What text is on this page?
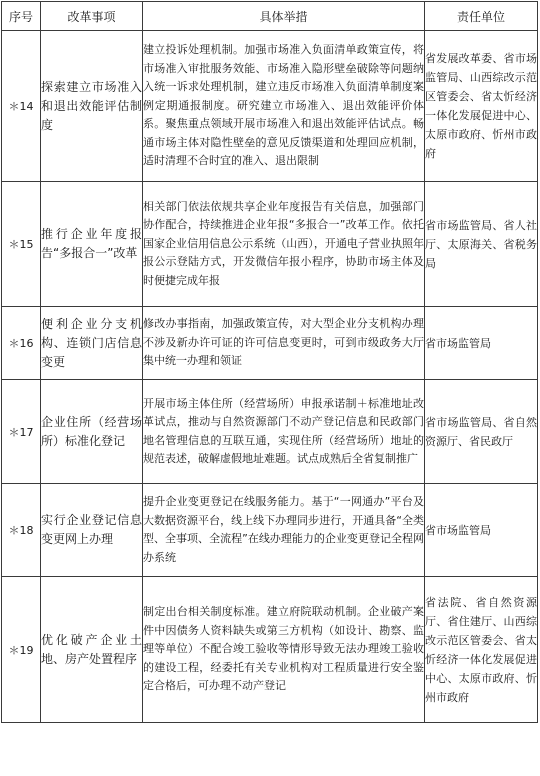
序号	改革事项	具体举措	责任单位
＊14	探索建立市场准入和退出效能评估制度	建立投诉处理机制。加强市场准入负面清单政策宣传，将市场准入审批服务效能、市场准入隐形壁垒破除等问题纳入统一诉求处理机制，建立违反市场准入负面清单制度案例定期通报制度。研究建立市场准入、退出效能评价体系。聚焦重点领域开展市场准入和退出效能评估试点。畅通市场主体对隐性壁垒的意见反馈渠道和处理回应机制，适时清理不合时宜的准入、退出限制	省发展改革委、省市场监管局、山西综改示范区管委会、省太忻经济一体化发展促进中心、太原市政府、忻州市政府
＊15	推行企业年度报告“多报合一”改革	相关部门依法依规共享企业年度报告有关信息，加强部门协作配合，持续推进企业年报“多报合一”改革工作。依托国家企业信用信息公示系统（山西），开通电子营业执照年报公示登陆方式，开发微信年报小程序，协助市场主体及时便捷完成年报	省市场监管局、省人社厅、太原海关、省税务局
＊16	便利企业分支机构、连锁门店信息变更	修改办事指南，加强政策宣传，对大型企业分支机构办理不涉及新办许可证的许可信息变更时，可到市级政务大厅集中统一办理和领证	省市场监管局
＊17	企业住所（经营场所）标准化登记	开展市场主体住所（经营场所）申报承诺制＋标准地址改革试点，推动与自然资源部门不动产登记信息和民政部门地名管理信息的互联互通，实现住所（经营场所）地址的规范表述，破解虚假地址难题。试点成熟后全省复制推广	省市场监管局、省自然资源厅、省民政厅
＊18	实行企业登记信息变更网上办理	提升企业变更登记在线服务能力。基于“一网通办”平台及大数据资源平台，线上线下办理同步进行，开通具备“全类型、全事项、全流程”在线办理能力的企业变更登记全程网办系统	省市场监管局
＊19	优化破产企业土地、房产处置程序	制定出台相关制度标准。建立府院联动机制。企业破产案件中因债务人资料缺失或第三方机构（如设计、勘察、监理等单位）不配合竣工验收等情形导致无法办理竣工验收的建设工程，经委托有关专业机构对工程质量进行安全鉴定合格后，可办理不动产登记	省法院、省自然资源厅、省住建厅、山西综改示范区管委会、省太忻经济一体化发展促进中心、太原市政府、忻州市政府
